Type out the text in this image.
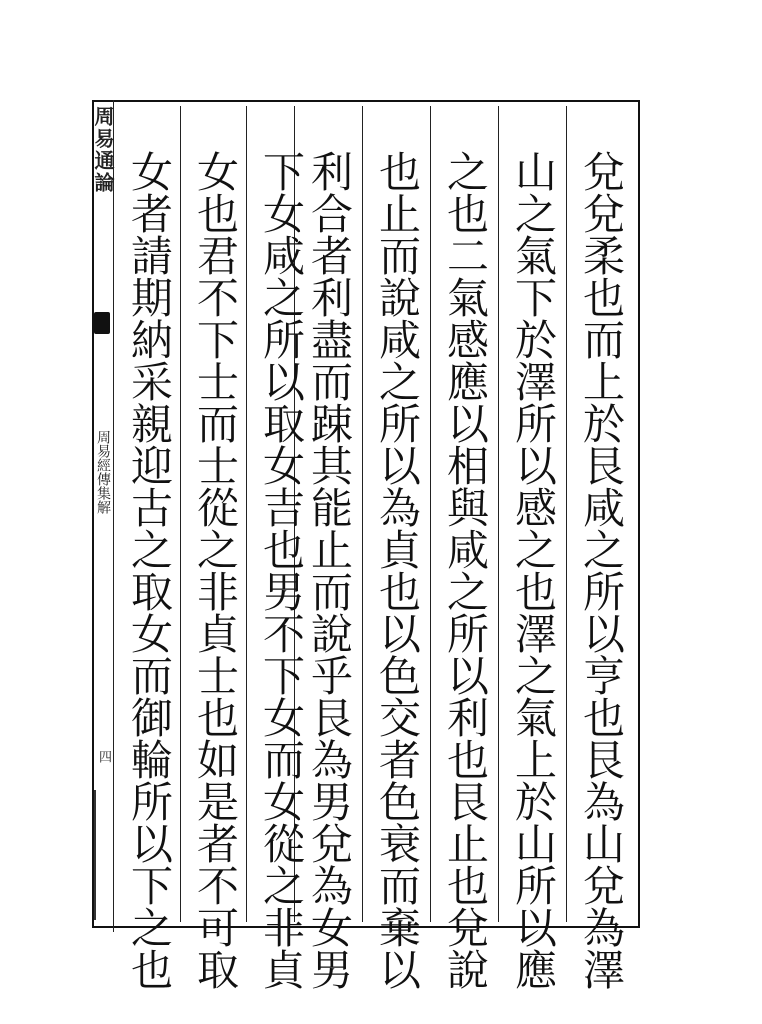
周易通論
周易經傳集解
四	兌兌柔也而上於艮咸之所以亨也艮為山兌為澤
山之氣下於澤所以感之也澤之氣上於山所以應
之也二氣感應以相與咸之所以利也艮止也兌說
也止而說咸之所以為貞也以色交者色衰而棄以
利合者利盡而踈其能止而說乎艮為男兌為女男
下女咸之所以取女吉也男不下女而女從之非貞
女也君不下士而士從之非貞士也如是者不可取
女者請期納采親迎古之取女而御輪所以下之也
